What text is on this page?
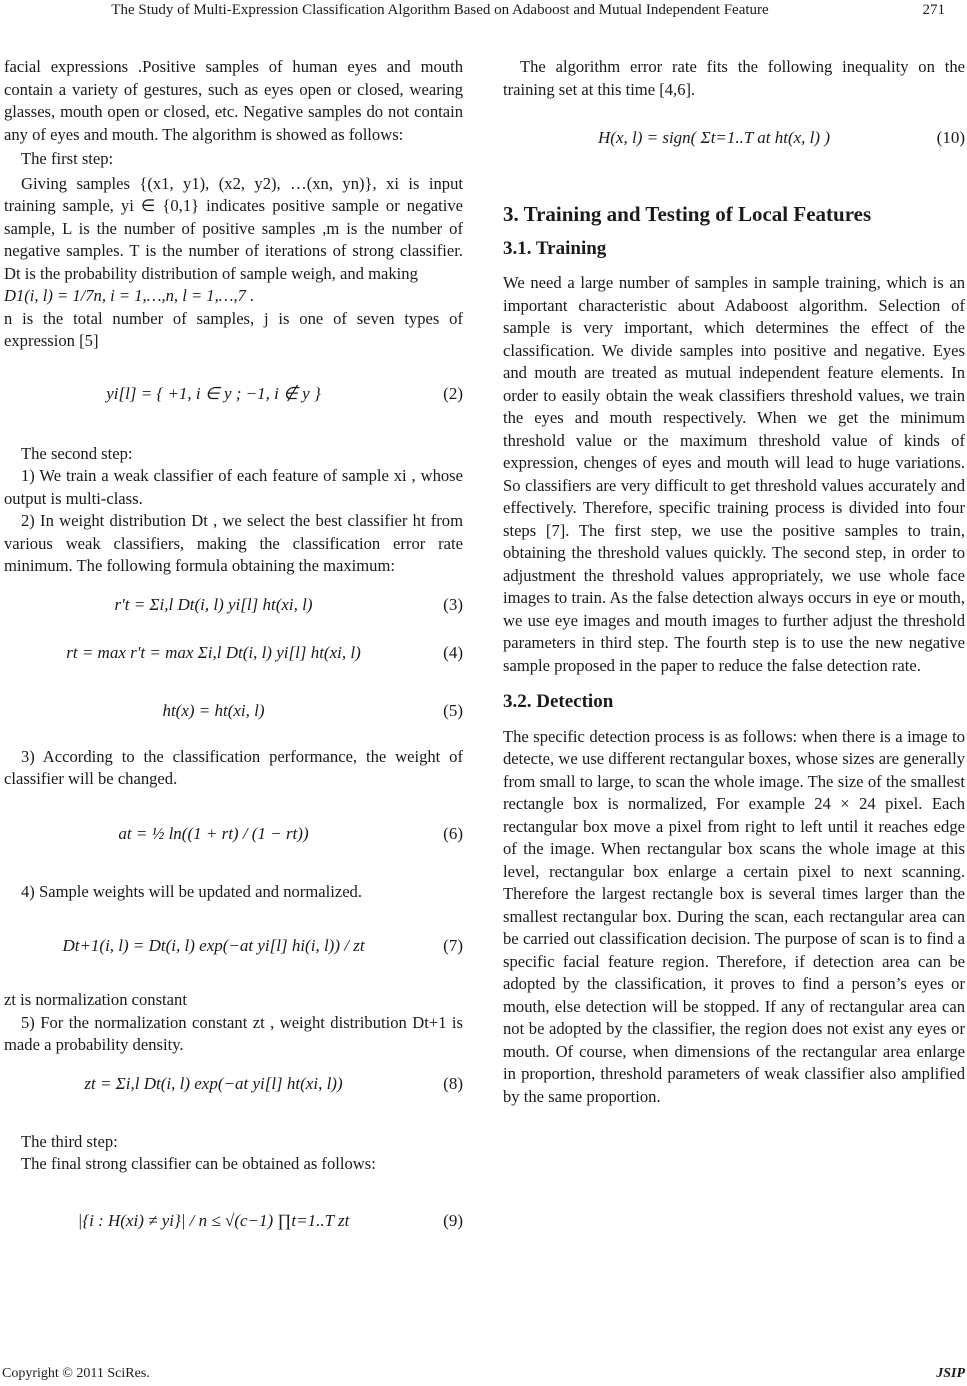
The Study of Multi-Expression Classification Algorithm Based on Adaboost and Mutual Independent Feature	271

facial expressions .Positive samples of human eyes and mouth contain a variety of gestures, such as eyes open or closed, wearing glasses, mouth open or closed, etc. Negative samples do not contain any of eyes and mouth. The algorithm is showed as follows:

The first step:

Giving samples {(x1, y1), (x2, y2), …(xn, yn)}, xi is input training sample, yi ∈ {0,1} indicates positive sample or negative sample, L is the number of positive samples ,m is the number of negative samples. T is the number of iterations of strong classifier. Dt is the probability distribution of sample weigh, and making

D1(i, l) = 1/7n, i = 1,…,n, l = 1,…,7 .

n is the total number of samples, j is one of seven types of expression [5]

yi[l] = { +1, i ∈ y ; −1, i ∉ y }	(2)

The second step:

1) We train a weak classifier of each feature of sample xi , whose output is multi-class.

2) In weight distribution Dt , we select the best classifier ht from various weak classifiers, making the classification error rate minimum. The following formula obtaining the maximum:

r't = Σi,l Dt(i, l) yi[l] ht(xi, l)	(3)
rt = max r't = max Σi,l Dt(i, l) yi[l] ht(xi, l)	(4)
ht(x) = ht(xi, l)	(5)

3) According to the classification performance, the weight of classifier will be changed.

at = ½ ln((1 + rt) / (1 − rt))	(6)

4) Sample weights will be updated and normalized.

Dt+1(i, l) = Dt(i, l) exp(−at yi[l] hi(i, l)) / zt	(7)

zt is normalization constant

5) For the normalization constant zt , weight distribution Dt+1 is made a probability density.

zt = Σi,l Dt(i, l) exp(−at yi[l] ht(xi, l))	(8)

The third step:

The final strong classifier can be obtained as follows:

|{i : H(xi) ≠ yi}| / n ≤ √(c−1) ∏t=1..T zt	(9)

The algorithm error rate fits the following inequality on the training set at this time [4,6].

H(x, l) = sign( Σt=1..T at ht(x, l) )	(10)
3. Training and Testing of Local Features
3.1. Training

We need a large number of samples in sample training, which is an important characteristic about Adaboost algorithm. Selection of sample is very important, which determines the effect of the classification. We divide samples into positive and negative. Eyes and mouth are treated as mutual independent feature elements. In order to easily obtain the weak classifiers threshold values, we train the eyes and mouth respectively. When we get the minimum threshold value or the maximum threshold value of kinds of expression, chenges of eyes and mouth will lead to huge variations. So classifiers are very difficult to get threshold values accurately and effectively. Therefore, specific training process is divided into four steps [7]. The first step, we use the positive samples to train, obtaining the threshold values quickly. The second step, in order to adjustment the threshold values appropriately, we use whole face images to train. As the false detection always occurs in eye or mouth, we use eye images and mouth images to further adjust the threshold parameters in third step. The fourth step is to use the new negative sample proposed in the paper to reduce the false detection rate.

3.2. Detection

The specific detection process is as follows: when there is a image to detecte, we use different rectangular boxes, whose sizes are generally from small to large, to scan the whole image. The size of the smallest rectangle box is normalized, For example 24 × 24 pixel. Each rectangular box move a pixel from right to left until it reaches edge of the image. When rectangular box scans the whole image at this level, rectangular box enlarge a certain pixel to next scanning. Therefore the largest rectangle box is several times larger than the smallest rectangular box. During the scan, each rectangular area can be carried out classification decision. The purpose of scan is to find a specific facial feature region. Therefore, if detection area can be adopted by the classification, it proves to find a person’s eyes or mouth, else detection will be stopped. If any of rectangular area can not be adopted by the classifier, the region does not exist any eyes or mouth. Of course, when dimensions of the rectangular area enlarge in proportion, threshold parameters of weak classifier also amplified by the same proportion.

Copyright © 2011 SciRes.	JSIP
